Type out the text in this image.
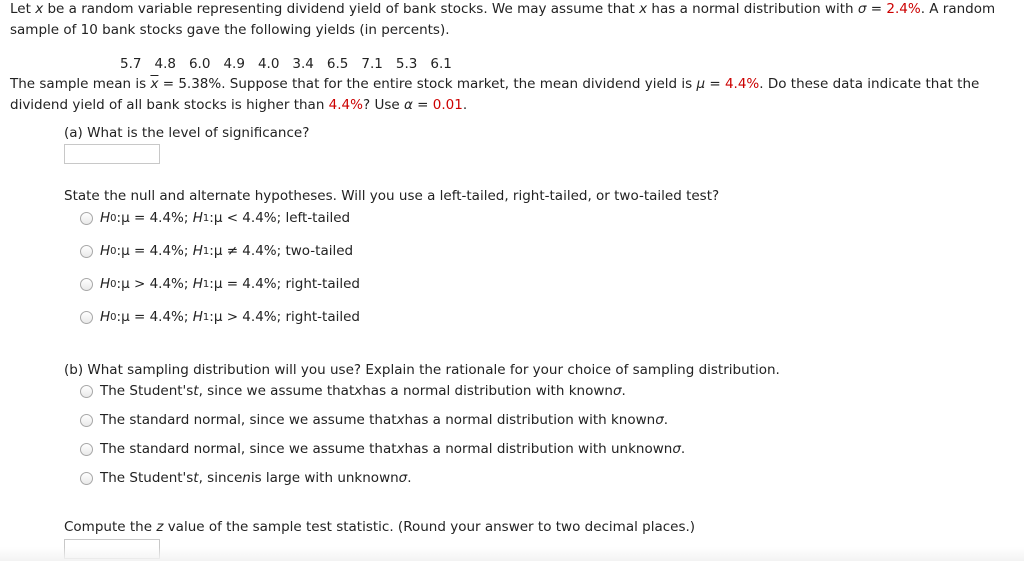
Let x be a random variable representing dividend yield of bank stocks. We may assume that x has a normal distribution with σ = 2.4%. A random
sample of 10 bank stocks gave the following yields (in percents).
5.7 4.8 6.0 4.9 4.0 3.4 6.5 7.1 5.3 6.1
The sample mean is $\overline{x} = 5.38\%$. Suppose that for the entire stock market, the mean dividend yield is μ = 4.4%. Do these data indicate that the
dividend yield of all bank stocks is higher than 4.4%? Use α = 0.01.
(a) What is the level of significance?
State the null and alternate hypotheses. Will you use a left-tailed, right-tailed, or two-tailed test?
H 0 : μ = 4.4%;
H 1 : μ < 4.4%; left-tailed
H 0 : μ = 4.4%;
H 1 : μ ≠ 4.4%; two-tailed
H 0 : μ > 4.4%;
H 1 : μ = 4.4%; right-tailed
H 0 : μ = 4.4%;
H 1 : μ > 4.4%; right-tailed
(b) What sampling distribution will you use? Explain the rationale for your choice of sampling distribution.
The Student's t , since we assume that x has a normal distribution with known σ .
The standard normal, since we assume that x has a normal distribution with known σ .
The standard normal, since we assume that x has a normal distribution with unknown σ .
The Student's t , since n is large with unknown σ .
Compute the z value of the sample test statistic. (Round your answer to two decimal places.)
